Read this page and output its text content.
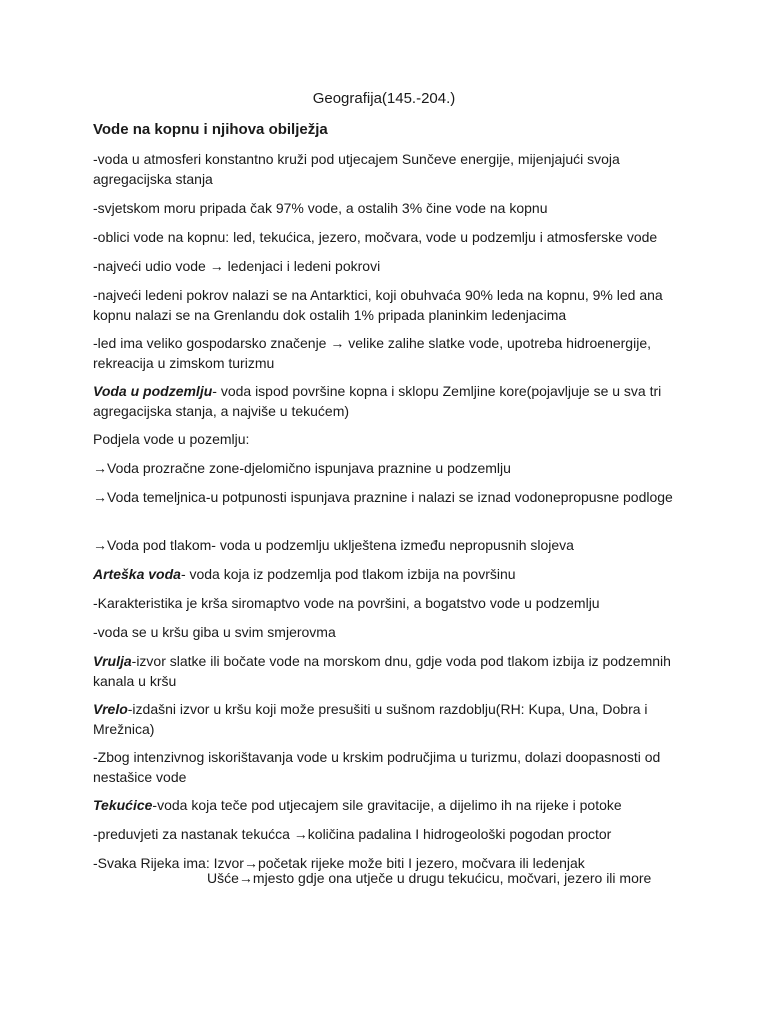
Geografija(145.-204.)
Vode na kopnu i njihova obilježja

-voda u atmosferi konstantno kruži pod utjecajem Sunčeve energije, mijenjajući svoja agregacijska stanja

-svjetskom moru pripada čak 97% vode, a ostalih 3% čine vode na kopnu

-oblici vode na kopnu: led, tekućica, jezero, močvara, vode u podzemlju i atmosferske vode

-najveći udio vode → ledenjaci i ledeni pokrovi

-najveći ledeni pokrov nalazi se na Antarktici, koji obuhvaća 90% leda na kopnu, 9% led ana kopnu nalazi se na Grenlandu dok ostalih 1% pripada planinkim ledenjacima

-led ima veliko gospodarsko značenje → velike zalihe slatke vode, upotreba hidroenergije, rekreacija u zimskom turizmu

Voda u podzemlju- voda ispod površine kopna i sklopu Zemljine kore(pojavljuje se u sva tri agregacijska stanja, a najviše u tekućem)

Podjela vode u pozemlju:

→Voda prozračne zone-djelomično ispunjava praznine u podzemlju

→Voda temeljnica-u potpunosti ispunjava praznine i nalazi se iznad vodonepropusne podloge

→Voda pod tlakom- voda u podzemlju uklještena između nepropusnih slojeva

Arteška voda- voda koja iz podzemlja pod tlakom izbija na površinu

-Karakteristika je krša siromaptvo vode na površini, a bogatstvo vode u podzemlju

-voda se u kršu giba u svim smjerovma

Vrulja-izvor slatke ili bočate vode na morskom dnu, gdje voda pod tlakom izbija iz podzemnih kanala u kršu

Vrelo-izdašni izvor u kršu koji može presušiti u sušnom razdoblju(RH: Kupa, Una, Dobra i Mrežnica)

-Zbog intenzivnog iskorištavanja vode u krskim područjima u turizmu, dolazi doopasnosti od nestašice vode

Tekućice-voda koja teče pod utjecajem sile gravitacije, a dijelimo ih na rijeke i potoke

-preduvjeti za nastanak tekućca →količina padalina I hidrogeološki pogodan proctor

-Svaka Rijeka ima: Izvor→početak rijeke može biti I jezero, močvara ili ledenjak

Ušće→mjesto gdje ona utječe u drugu tekućicu, močvari, jezero ili more
